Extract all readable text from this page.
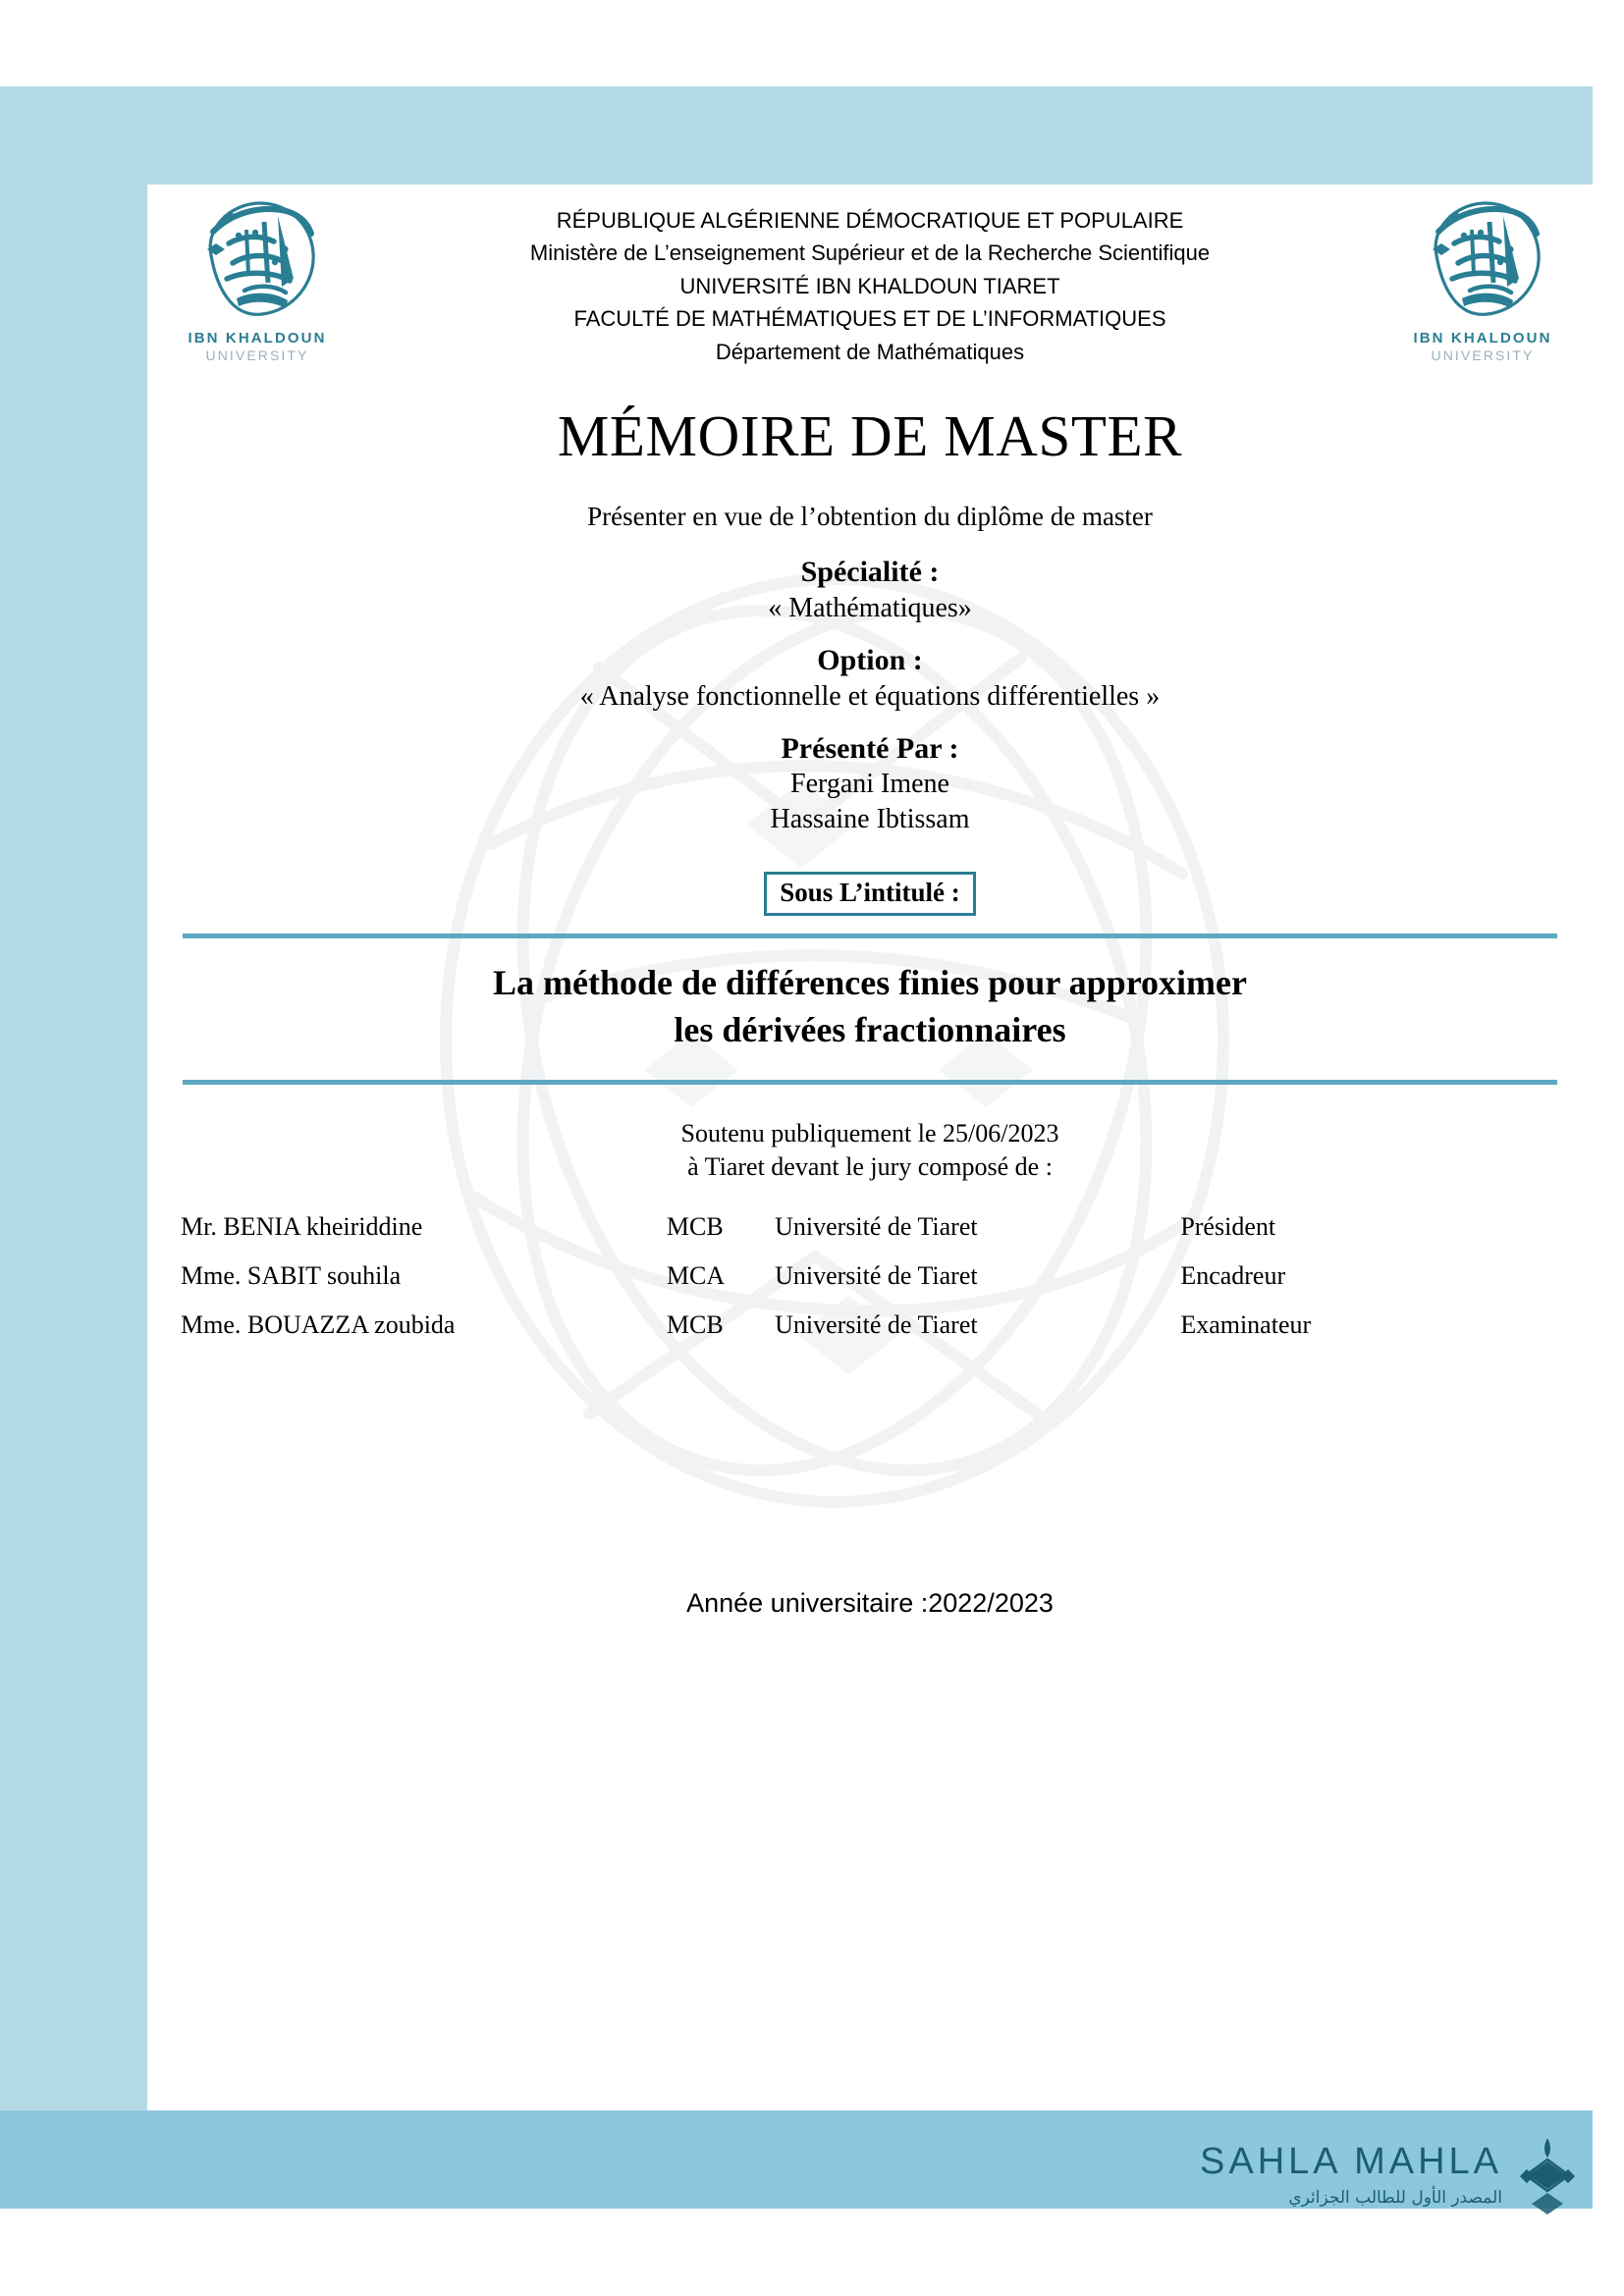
IBN KHALDOUN
UNIVERSITY
IBN KHALDOUN
UNIVERSITY
RÉPUBLIQUE ALGÉRIENNE DÉMOCRATIQUE ET POPULAIRE
Ministère de L’enseignement Supérieur et de la Recherche Scientifique
UNIVERSITÉ IBN KHALDOUN TIARET
FACULTÉ DE MATHÉMATIQUES ET DE L’INFORMATIQUES
Département de Mathématiques
MÉMOIRE DE MASTER
Présenter en vue de l’obtention du diplôme de master
Spécialité :
« Mathématiques»
Option :
« Analyse fonctionnelle et équations différentielles »
Présenté Par :
Fergani Imene
Hassaine Ibtissam
Sous L’intitulé :
La méthode de différences finies pour approximer
les dérivées fractionnaires
Soutenu publiquement le 25/06/2023
à Tiaret devant le jury composé de :
Mr. BENIA kheiriddine	MCB	Université de Tiaret	Président
Mme. SABIT souhila	MCA	Université de Tiaret	Encadreur
Mme. BOUAZZA zoubida	MCB	Université de Tiaret	Examinateur
Année universitaire :2022/2023
SAHLA MAHLA
المصدر الأول للطالب الجزائري
